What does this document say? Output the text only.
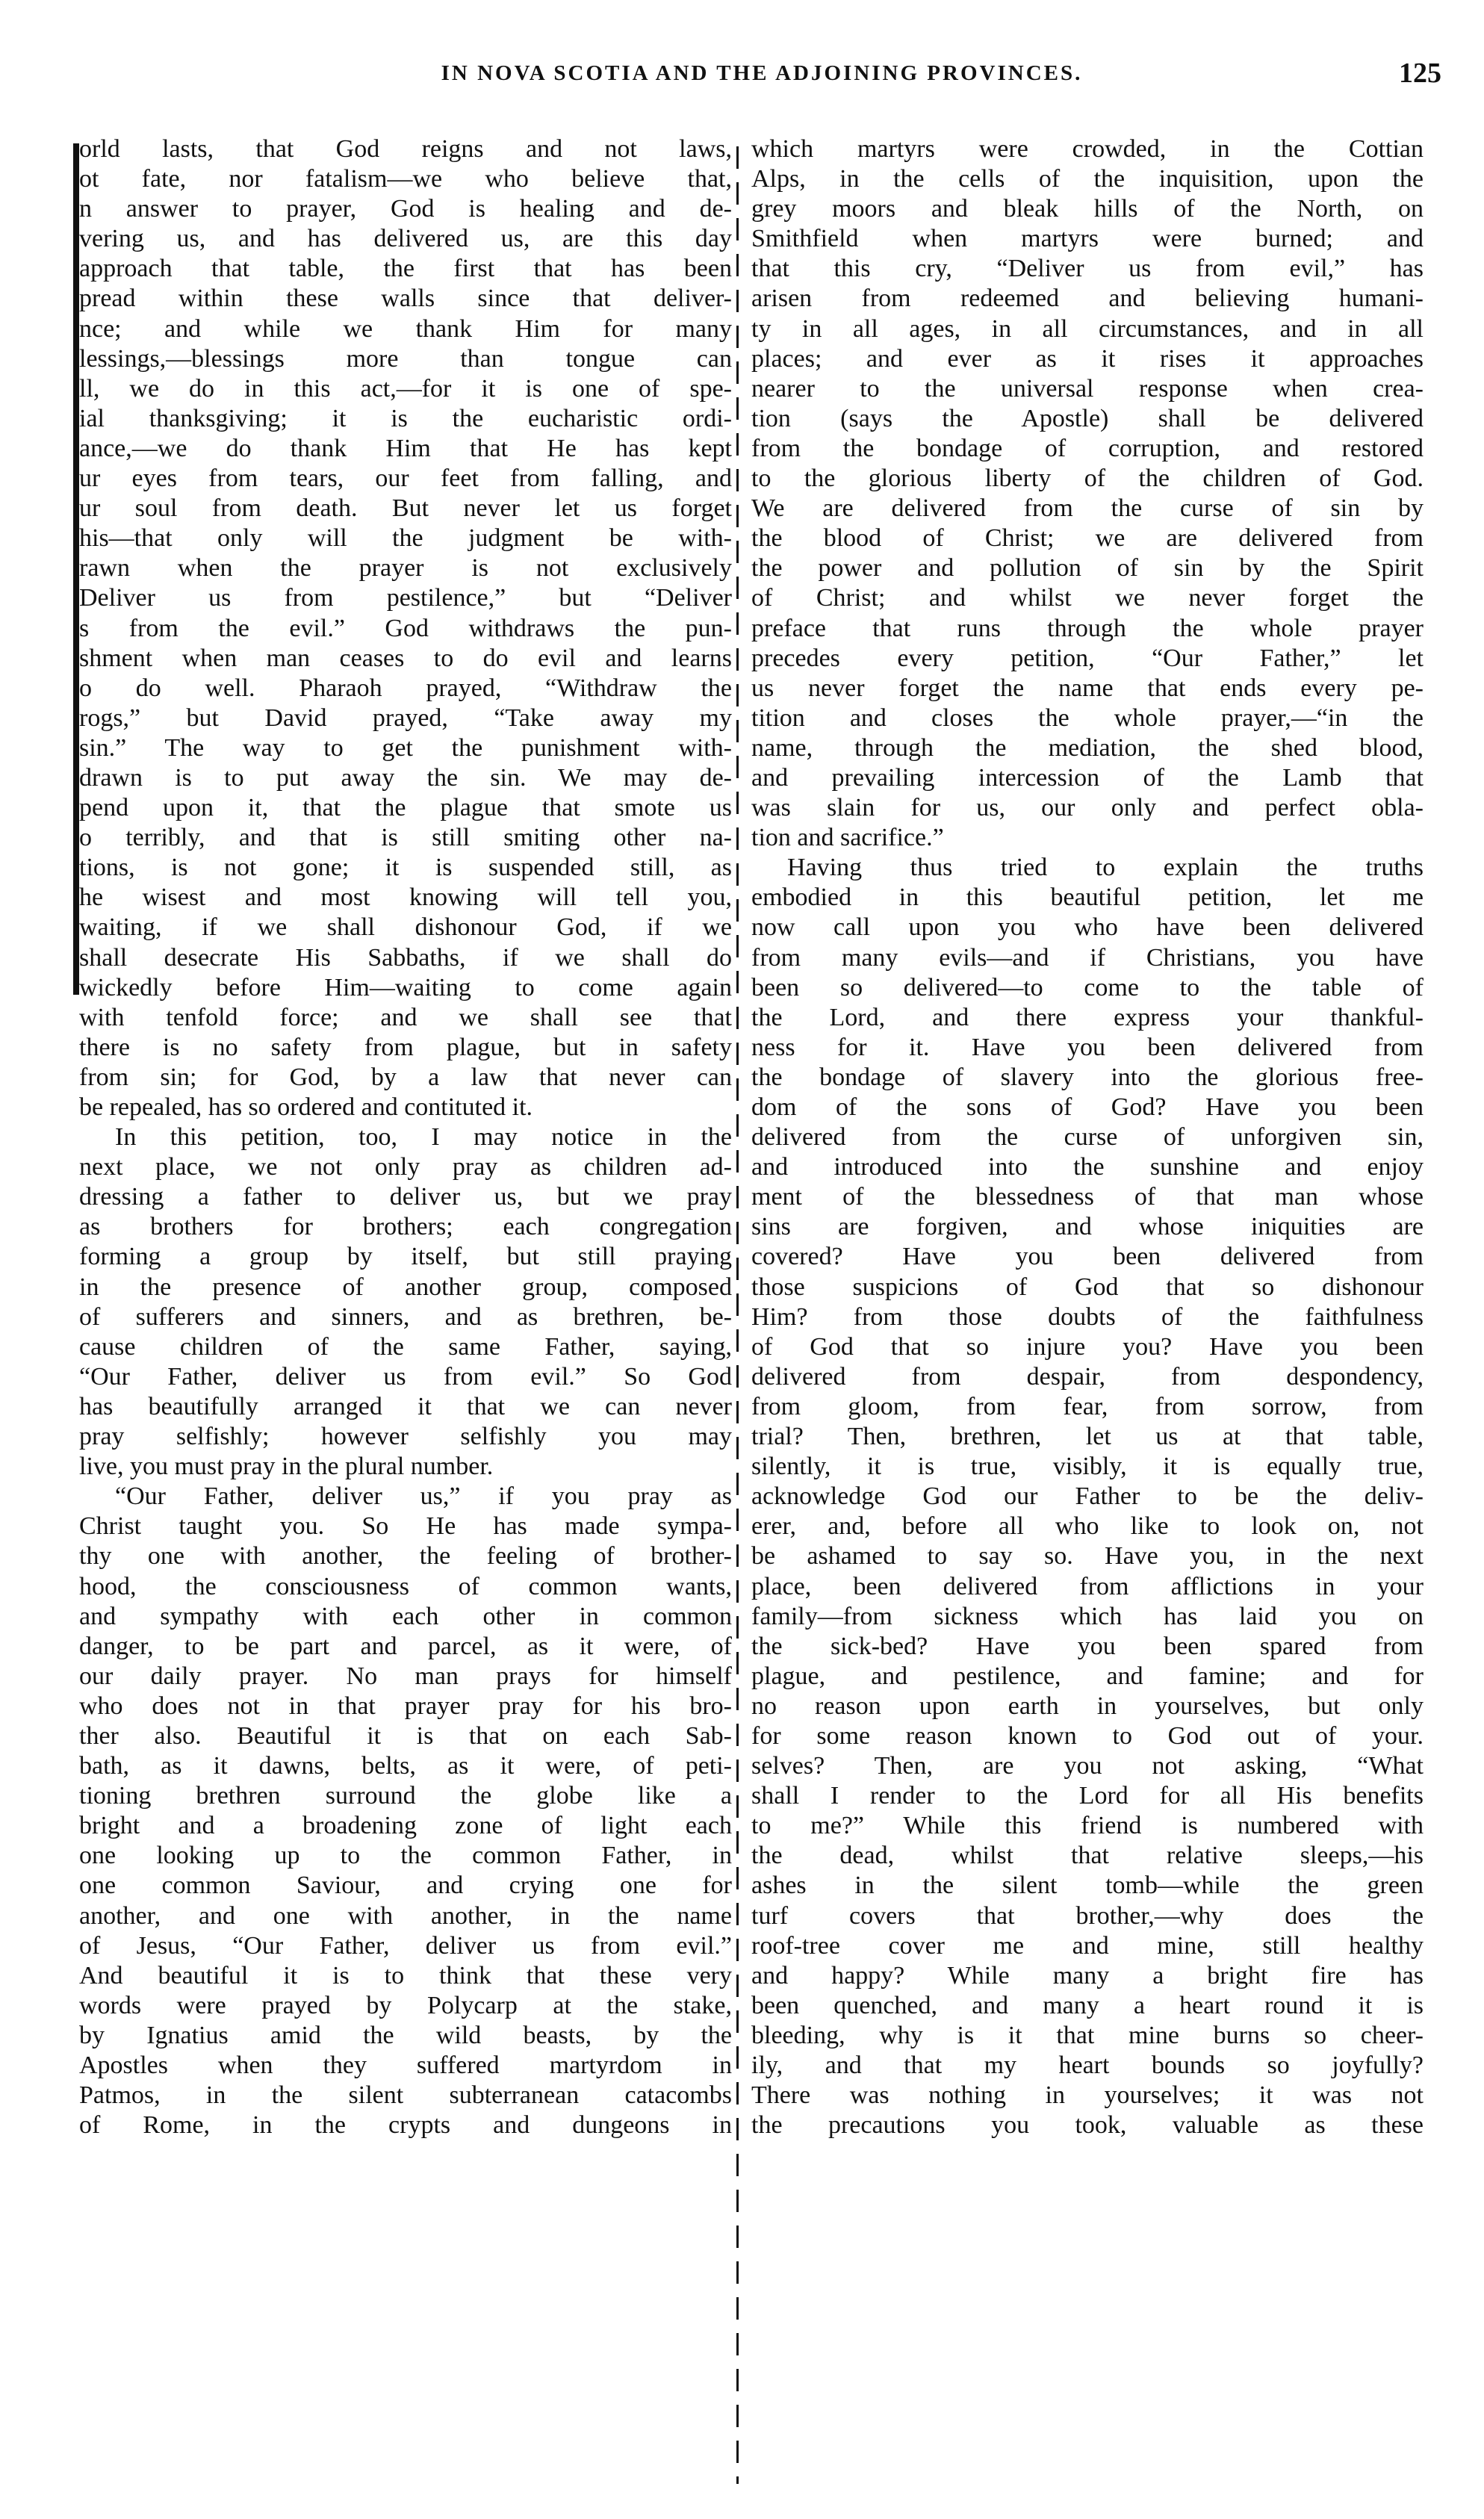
IN NOVA SCOTIA AND THE ADJOINING PROVINCES.	125
orld lasts, that God reigns and not laws,
ot fate, nor fatalism—we who believe that,
n answer to prayer, God is healing and de-
vering us, and has delivered us, are this day
approach that table, the first that has been
pread within these walls since that deliver-
nce; and while we thank Him for many
lessings,—blessings more than tongue can
ll, we do in this act,—for it is one of spe-
ial thanksgiving; it is the eucharistic ordi-
ance,—we do thank Him that He has kept
ur eyes from tears, our feet from falling, and
ur soul from death. But never let us forget
his—that only will the judgment be with-
rawn when the prayer is not exclusively
Deliver us from pestilence,” but “Deliver
s from the evil.” God withdraws the pun-
shment when man ceases to do evil and learns
o do well. Pharaoh prayed, “Withdraw the
rogs,” but David prayed, “Take away my
sin.” The way to get the punishment with-
drawn is to put away the sin. We may de-
pend upon it, that the plague that smote us
o terribly, and that is still smiting other na-
tions, is not gone; it is suspended still, as
he wisest and most knowing will tell you,
waiting, if we shall dishonour God, if we
shall desecrate His Sabbaths, if we shall do
wickedly before Him—waiting to come again
with tenfold force; and we shall see that
there is no safety from plague, but in safety
from sin; for God, by a law that never can
be repealed, has so ordered and contituted it.
In this petition, too, I may notice in the
next place, we not only pray as children ad-
dressing a father to deliver us, but we pray
as brothers for brothers; each congregation
forming a group by itself, but still praying
in the presence of another group, composed
of sufferers and sinners, and as brethren, be-
cause children of the same Father, saying,
“Our Father, deliver us from evil.” So God
has beautifully arranged it that we can never
pray selfishly; however selfishly you may
live, you must pray in the plural number.
“Our Father, deliver us,” if you pray as
Christ taught you. So He has made sympa-
thy one with another, the feeling of brother-
hood, the consciousness of common wants,
and sympathy with each other in common
danger, to be part and parcel, as it were, of
our daily prayer. No man prays for himself
who does not in that prayer pray for his bro-
ther also. Beautiful it is that on each Sab-
bath, as it dawns, belts, as it were, of peti-
tioning brethren surround the globe like a
bright and a broadening zone of light each
one looking up to the common Father, in
one common Saviour, and crying one for
another, and one with another, in the name
of Jesus, “Our Father, deliver us from evil.”
And beautiful it is to think that these very
words were prayed by Polycarp at the stake,
by Ignatius amid the wild beasts, by the
Apostles when they suffered martyrdom in
Patmos, in the silent subterranean catacombs
of Rome, in the crypts and dungeons in
which martyrs were crowded, in the Cottian
Alps, in the cells of the inquisition, upon the
grey moors and bleak hills of the North, on
Smithfield when martyrs were burned; and
that this cry, “Deliver us from evil,” has
arisen from redeemed and believing humani-
ty in all ages, in all circumstances, and in all
places; and ever as it rises it approaches
nearer to the universal response when crea-
tion (says the Apostle) shall be delivered
from the bondage of corruption, and restored
to the glorious liberty of the children of God.
We are delivered from the curse of sin by
the blood of Christ; we are delivered from
the power and pollution of sin by the Spirit
of Christ; and whilst we never forget the
preface that runs through the whole prayer
precedes every petition, “Our Father,” let
us never forget the name that ends every pe-
tition and closes the whole prayer,—“in the
name, through the mediation, the shed blood,
and prevailing intercession of the Lamb that
was slain for us, our only and perfect obla-
tion and sacrifice.”
Having thus tried to explain the truths
embodied in this beautiful petition, let me
now call upon you who have been delivered
from many evils—and if Christians, you have
been so delivered—to come to the table of
the Lord, and there express your thankful-
ness for it. Have you been delivered from
the bondage of slavery into the glorious free-
dom of the sons of God? Have you been
delivered from the curse of unforgiven sin,
and introduced into the sunshine and enjoy
ment of the blessedness of that man whose
sins are forgiven, and whose iniquities are
covered? Have you been delivered from
those suspicions of God that so dishonour
Him? from those doubts of the faithfulness
of God that so injure you? Have you been
delivered from despair, from despondency,
from gloom, from fear, from sorrow, from
trial? Then, brethren, let us at that table,
silently, it is true, visibly, it is equally true,
acknowledge God our Father to be the deliv-
erer, and, before all who like to look on, not
be ashamed to say so. Have you, in the next
place, been delivered from afflictions in your
family—from sickness which has laid you on
the sick-bed? Have you been spared from
plague, and pestilence, and famine; and for
no reason upon earth in yourselves, but only
for some reason known to God out of your.
selves? Then, are you not asking, “What
shall I render to the Lord for all His benefits
to me?” While this friend is numbered with
the dead, whilst that relative sleeps,—his
ashes in the silent tomb—while the green
turf covers that brother,—why does the
roof-tree cover me and mine, still healthy
and happy? While many a bright fire has
been quenched, and many a heart round it is
bleeding, why is it that mine burns so cheer-
ily, and that my heart bounds so joyfully?
There was nothing in yourselves; it was not
the precautions you took, valuable as these
